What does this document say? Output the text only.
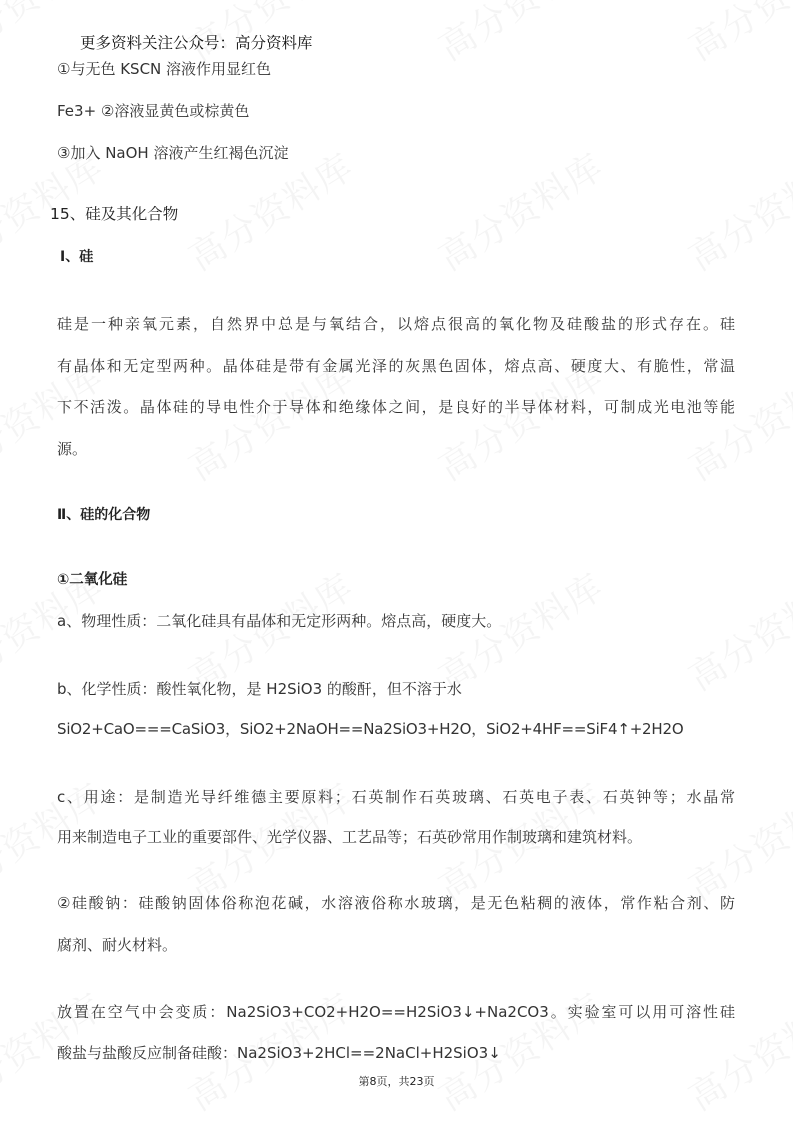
更多资料关注公众号：高分资料库
①与无色 KSCN 溶液作用显红色
Fe3+ ②溶液显黄色或棕黄色
③加入 NaOH 溶液产生红褐色沉淀
15、硅及其化合物
Ⅰ、硅
硅是一种亲氧元素，自然界中总是与氧结合，以熔点很高的氧化物及硅酸盐的形式存在。硅
有晶体和无定型两种。晶体硅是带有金属光泽的灰黑色固体，熔点高、硬度大、有脆性，常温
下不活泼。晶体硅的导电性介于导体和绝缘体之间，是良好的半导体材料，可制成光电池等能
源。
Ⅱ、硅的化合物
①二氧化硅
a、物理性质：二氧化硅具有晶体和无定形两种。熔点高，硬度大。
b、化学性质：酸性氧化物，是 H2SiO3 的酸酐，但不溶于水
SiO2+CaO===CaSiO3，SiO2+2NaOH==Na2SiO3+H2O，SiO2+4HF==SiF4↑+2H2O
c、用途：是制造光导纤维德主要原料；石英制作石英玻璃、石英电子表、石英钟等；水晶常
用来制造电子工业的重要部件、光学仪器、工艺品等；石英砂常用作制玻璃和建筑材料。
②硅酸钠：硅酸钠固体俗称泡花碱，水溶液俗称水玻璃，是无色粘稠的液体，常作粘合剂、防
腐剂、耐火材料。
放置在空气中会变质：Na2SiO3+CO2+H2O==H2SiO3↓+Na2CO3。实验室可以用可溶性硅
酸盐与盐酸反应制备硅酸：Na2SiO3+2HCl==2NaCl+H2SiO3↓
第8页，共23页
